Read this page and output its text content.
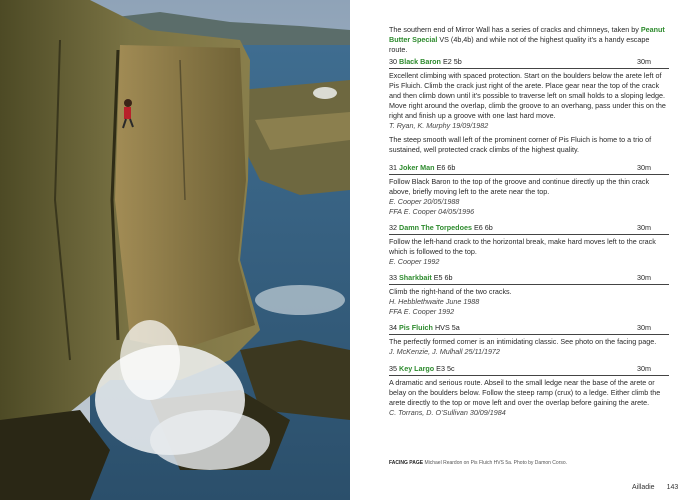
The southern end of Mirror Wall has a series of cracks and chimneys, taken by Peanut Butter Special VS (4b,4b) and while not of the highest quality it’s a handy escape route.

30 Black Baron E2 5b	30m

Excellent climbing with spaced protection. Start on the boulders below the arete left of Pis Fluich. Climb the crack just right of the arete. Place gear near the top of the crack and then climb down until it’s possible to traverse left on small holds to a sloping ledge. Move right around the overlap, climb the groove to an overhang, pass under this on the right and finish up a groove with one last hard move.

T. Ryan, K. Murphy 19/09/1982

The steep smooth wall left of the prominent corner of Pis Fluich is home to a trio of sustained, well protected crack climbs of the highest quality.

31 Joker Man E6 6b	30m

Follow Black Baron to the top of the groove and continue directly up the thin crack above, briefly moving left to the arete near the top.

E. Cooper 20/05/1988

FFA E. Cooper 04/05/1996

32 Damn The Torpedoes E6 6b	30m

Follow the left-hand crack to the horizontal break, make hard moves left to the crack which is followed to the top.

E. Cooper 1992

33 Sharkbait E5 6b	30m

Climb the right-hand of the two cracks.

H. Hebblethwaite June 1988

FFA E. Cooper 1992

34 Pis Fluich HVS 5a	30m

The perfectly formed corner is an intimidating classic. See photo on the facing page.

J. McKenzie, J. Mulhall 25/11/1972

35 Key Largo E3 5c	30m

A dramatic and serious route. Abseil to the small ledge near the base of the arete or belay on the boulders below. Follow the steep ramp (crux) to a ledge. Either climb the arete directly to the top or move left and over the overlap before gaining the arete.

C. Torrans, D. O’Sullivan 30/09/1984

FACING PAGE Michael Reardon on Pis Fluich HVS 5a. Photo by Damon Corso.
Ailladie 143
